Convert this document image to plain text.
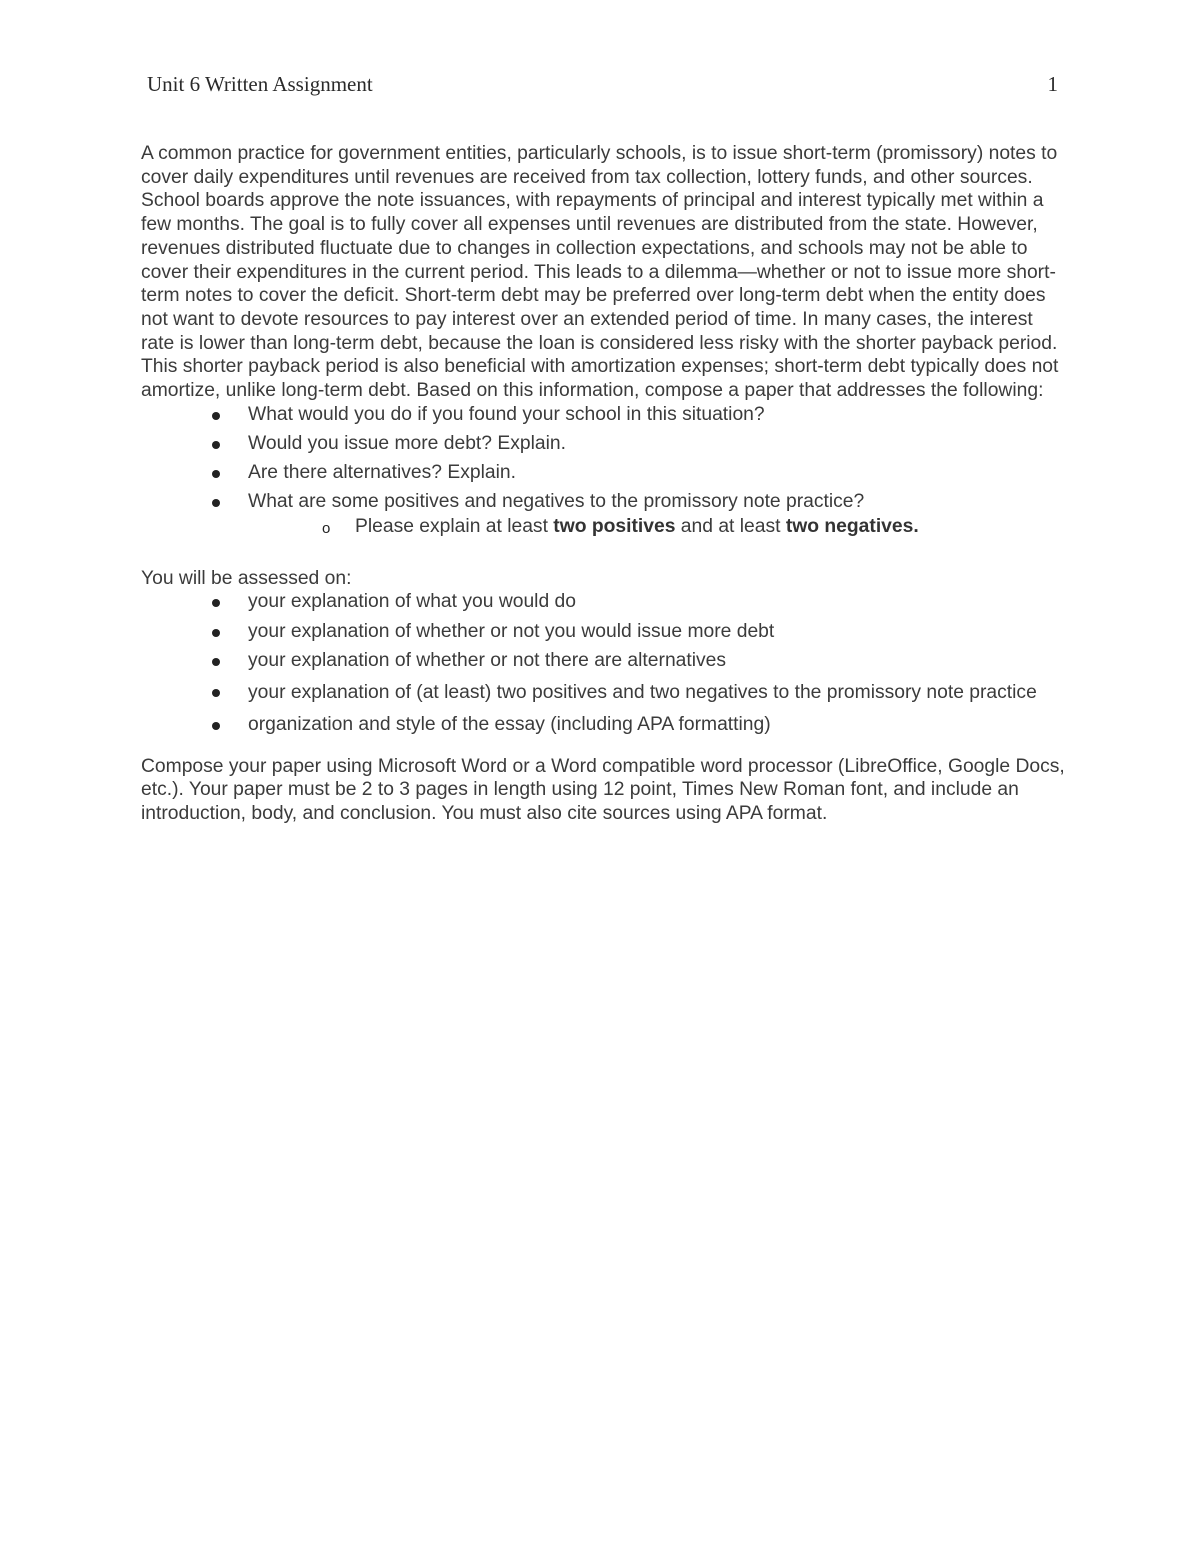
Unit 6 Written Assignment	1

A common practice for government entities, particularly schools, is to issue short-term (promissory) notes to cover daily expenditures until revenues are received from tax collection, lottery funds, and other sources. School boards approve the note issuances, with repayments of principal and interest typically met within a few months. The goal is to fully cover all expenses until revenues are distributed from the state. However, revenues distributed fluctuate due to changes in collection expectations, and schools may not be able to cover their expenditures in the current period. This leads to a dilemma—whether or not to issue more short-term notes to cover the deficit. Short-term debt may be preferred over long-term debt when the entity does not want to devote resources to pay interest over an extended period of time. In many cases, the interest rate is lower than long-term debt, because the loan is considered less risky with the shorter payback period. This shorter payback period is also beneficial with amortization expenses; short-term debt typically does not amortize, unlike long-term debt. Based on this information, compose a paper that addresses the following:

What would you do if you found your school in this situation?
Would you issue more debt? Explain.
Are there alternatives? Explain.
What are some positives and negatives to the promissory note practice?
o Please explain at least two positives and at least two negatives.

You will be assessed on:

your explanation of what you would do
your explanation of whether or not you would issue more debt
your explanation of whether or not there are alternatives
your explanation of (at least) two positives and two negatives to the promissory note practice
organization and style of the essay (including APA formatting)

Compose your paper using Microsoft Word or a Word compatible word processor (LibreOffice, Google Docs, etc.). Your paper must be 2 to 3 pages in length using 12 point, Times New Roman font, and include an introduction, body, and conclusion. You must also cite sources using APA format.
